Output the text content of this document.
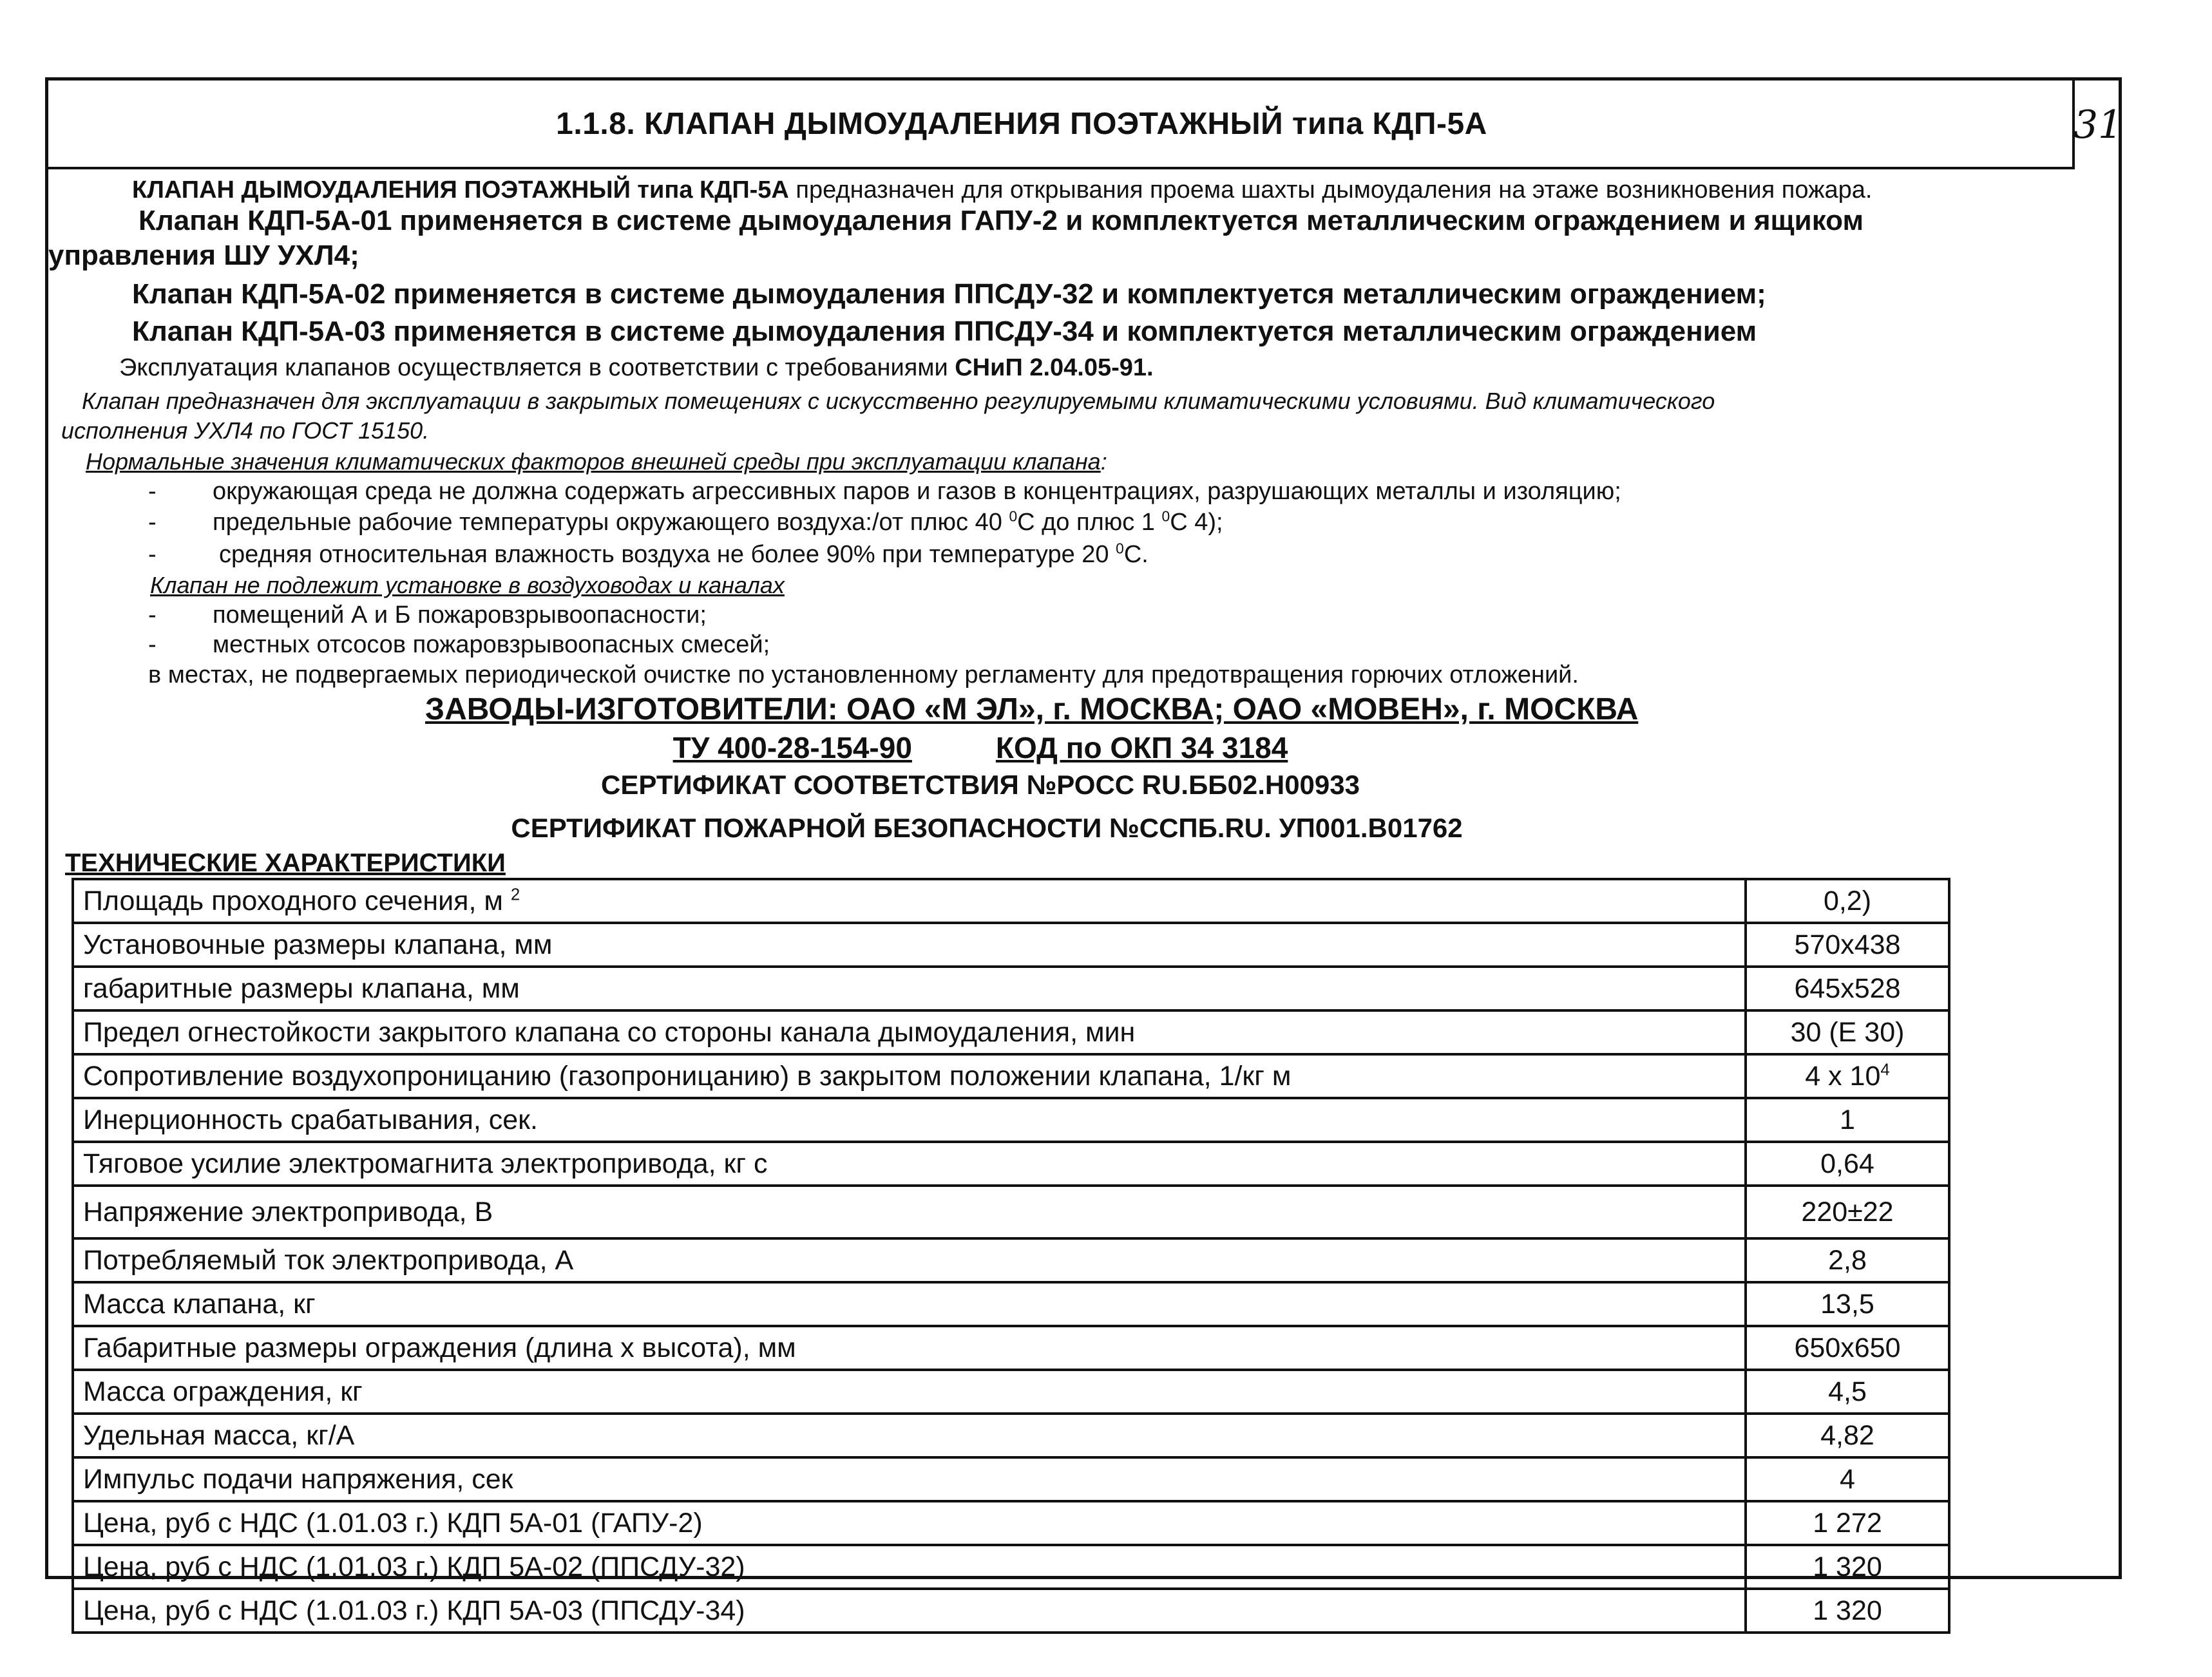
1.1.8. КЛАПАН ДЫМОУДАЛЕНИЯ ПОЭТАЖНЫЙ типа КДП-5А	31
КЛАПАН ДЫМОУДАЛЕНИЯ ПОЭТАЖНЫЙ типа КДП-5А предназначен для открывания проема шахты дымоудаления на этаже возникновения пожара.
Клапан КДП-5А-01 применяется в системе дымоудаления ГАПУ-2 и комплектуется металлическим ограждением и ящиком
управления ШУ УХЛ4;
Клапан КДП-5А-02 применяется в системе дымоудаления ППСДУ-32 и комплектуется металлическим ограждением;
Клапан КДП-5А-03 применяется в системе дымоудаления ППСДУ-34 и комплектуется металлическим ограждением
Эксплуатация клапанов осуществляется в соответствии с требованиями СНиП 2.04.05-91.
Клапан предназначен для эксплуатации в закрытых помещениях с искусственно регулируемыми климатическими условиями. Вид климатического
исполнения УХЛ4 по ГОСТ 15150.
Нормальные значения климатических факторов внешней среды при эксплуатации клапана:
- окружающая среда не должна содержать агрессивных паров и газов в концентрациях, разрушающих металлы и изоляцию;
- предельные рабочие температуры окружающего воздуха:/от плюс 40 $^0$С до плюс 1 $^0$С 4);
-	средняя относительная влажность воздуха не более 90% при температуре 20 $^0$С.
Клапан не подлежит установке в воздуховодах и каналах
- помещений А и Б пожаровзрывоопасности;
- местных отсосов пожаровзрывоопасных смесей;
в местах, не подвергаемых периодической очистке по установленному регламенту для предотвращения горючих отложений.
ЗАВОДЫ-ИЗГОТОВИТЕЛИ: ОАО «М ЭЛ», г. МОСКВА; ОАО «МОВЕН», г. МОСКВА
ТУ 400-28-154-90	КОД по ОКП 34 3184
СЕРТИФИКАТ СООТВЕТСТВИЯ №РОСС RU.ББ02.Н00933
СЕРТИФИКАТ ПОЖАРНОЙ БЕЗОПАСНОСТИ №ССПБ.RU. УП001.В01762
ТЕХНИЧЕСКИЕ ХАРАКТЕРИСТИКИ
Площадь проходного сечения, м $^2$	0,2)
Установочные размеры клапана, мм	570х438
габаритные размеры клапана, мм	645х528
Предел огнестойкости закрытого клапана со стороны канала дымоудаления, мин	30 (Е 30)
Сопротивление воздухопроницанию (газопроницанию) в закрытом положении клапана, 1/кг м	4 х $10^4$
Инерционность срабатывания, сек.	1
Тяговое усилие электромагнита электропривода, кг с	0,64
Напряжение электропривода, В	220±22
Потребляемый ток электропривода, А	2,8
Масса клапана, кг	13,5
Габаритные размеры ограждения (длина х высота), мм	650х650
Масса ограждения, кг	4,5
Удельная масса, кг/А	4,82
Импульс подачи напряжения, сек	4
Цена, руб с НДС (1.01.03 г.) КДП 5А-01 (ГАПУ-2)	1 272
Цена, руб с НДС (1.01.03 г.) КДП 5А-02 (ППСДУ-32)	1 320
Цена, руб с НДС (1.01.03 г.) КДП 5А-03 (ППСДУ-34)	1 320
